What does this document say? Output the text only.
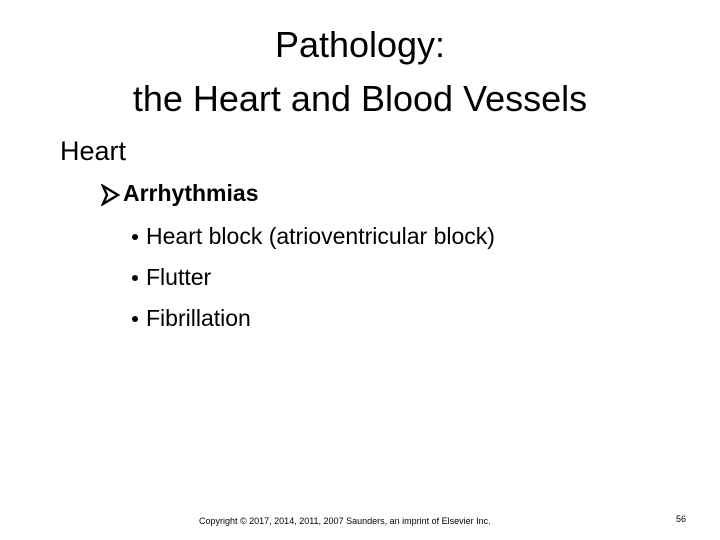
Pathology:
the Heart and Blood Vessels
Heart
Arrhythmias
Heart block (atrioventricular block)
Flutter
Fibrillation
Copyright © 2017, 2014, 2011, 2007 Saunders, an imprint of Elsevier Inc.	56
